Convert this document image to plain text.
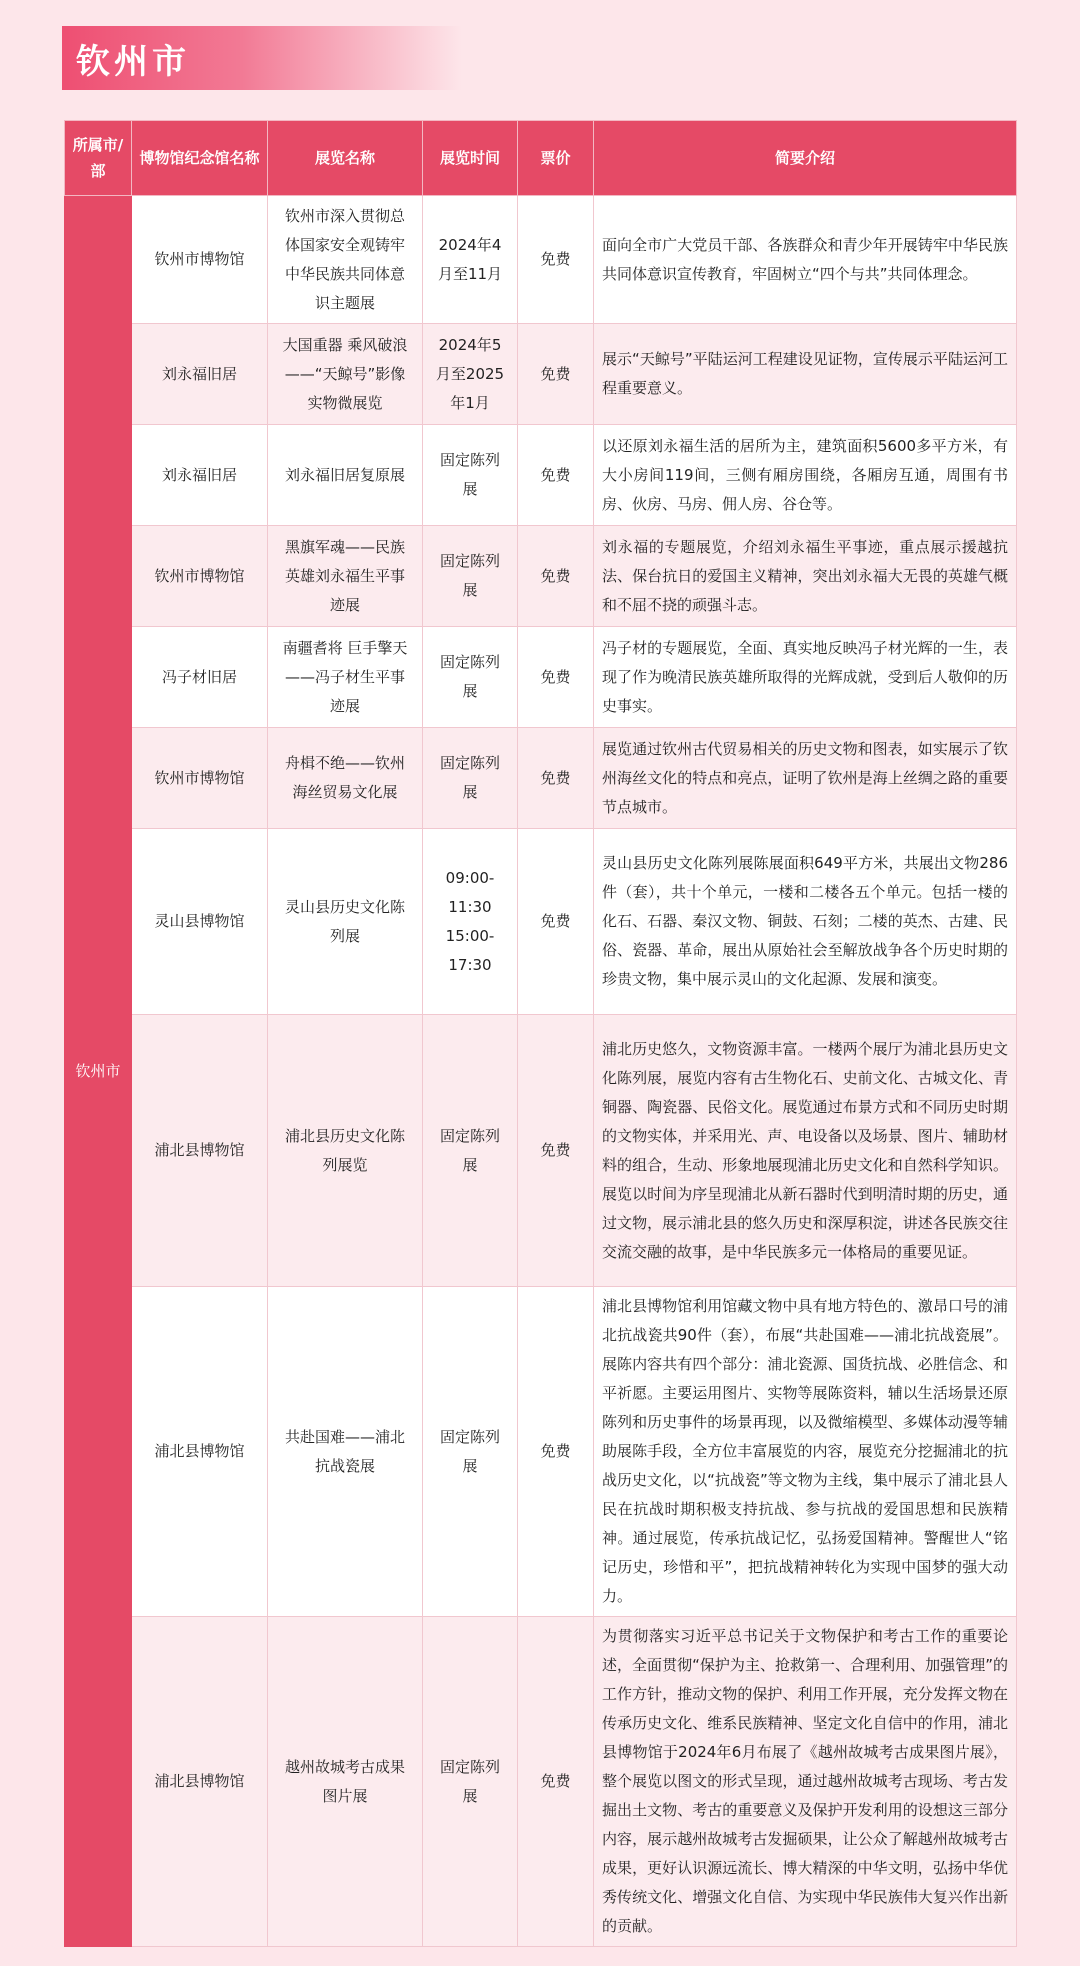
钦州市
所属市/部	博物馆纪念馆名称	展览名称	展览时间	票价	简要介绍
钦州市	钦州市博物馆	钦州市深入贯彻总体国家安全观铸牢中华民族共同体意识主题展	2024年4月至11月	免费	面向全市广大党员干部、各族群众和青少年开展铸牢中华民族共同体意识宣传教育，牢固树立“四个与共”共同体理念。
	刘永福旧居	大国重器 乘风破浪——“天鲸号”影像实物微展览	2024年5月至2025年1月	免费	展示“天鲸号”平陆运河工程建设见证物，宣传展示平陆运河工程重要意义。
	刘永福旧居	刘永福旧居复原展	固定陈列展	免费	以还原刘永福生活的居所为主，建筑面积5600多平方米，有大小房间119间，三侧有厢房围绕，各厢房互通，周围有书房、伙房、马房、佣人房、谷仓等。
	钦州市博物馆	黑旗军魂——民族英雄刘永福生平事迹展	固定陈列展	免费	刘永福的专题展览，介绍刘永福生平事迹，重点展示援越抗法、保台抗日的爱国主义精神，突出刘永福大无畏的英雄气概和不屈不挠的顽强斗志。
	冯子材旧居	南疆耆将 巨手擎天——冯子材生平事迹展	固定陈列展	免费	冯子材的专题展览，全面、真实地反映冯子材光辉的一生，表现了作为晚清民族英雄所取得的光辉成就，受到后人敬仰的历史事实。
	钦州市博物馆	舟楫不绝——钦州海丝贸易文化展	固定陈列展	免费	展览通过钦州古代贸易相关的历史文物和图表，如实展示了钦州海丝文化的特点和亮点，证明了钦州是海上丝绸之路的重要节点城市。
	灵山县博物馆	灵山县历史文化陈列展	09:00-11:30 15:00-17:30	免费	灵山县历史文化陈列展陈展面积649平方米，共展出文物286件（套），共十个单元，一楼和二楼各五个单元。包括一楼的化石、石器、秦汉文物、铜鼓、石刻；二楼的英杰、古建、民俗、瓷器、革命，展出从原始社会至解放战争各个历史时期的珍贵文物，集中展示灵山的文化起源、发展和演变。
	浦北县博物馆	浦北县历史文化陈列展览	固定陈列展	免费	浦北历史悠久，文物资源丰富。一楼两个展厅为浦北县历史文化陈列展，展览内容有古生物化石、史前文化、古城文化、青铜器、陶瓷器、民俗文化。展览通过布景方式和不同历史时期的文物实体，并采用光、声、电设备以及场景、图片、辅助材料的组合，生动、形象地展现浦北历史文化和自然科学知识。展览以时间为序呈现浦北从新石器时代到明清时期的历史，通过文物，展示浦北县的悠久历史和深厚积淀，讲述各民族交往交流交融的故事，是中华民族多元一体格局的重要见证。
	浦北县博物馆	共赴国难——浦北抗战瓷展	固定陈列展	免费	浦北县博物馆利用馆藏文物中具有地方特色的、激昂口号的浦北抗战瓷共90件（套），布展“共赴国难——浦北抗战瓷展”。展陈内容共有四个部分：浦北瓷源、国货抗战、必胜信念、和平祈愿。主要运用图片、实物等展陈资料，辅以生活场景还原陈列和历史事件的场景再现，以及微缩模型、多媒体动漫等辅助展陈手段，全方位丰富展览的内容，展览充分挖掘浦北的抗战历史文化，以“抗战瓷”等文物为主线，集中展示了浦北县人民在抗战时期积极支持抗战、参与抗战的爱国思想和民族精神。通过展览，传承抗战记忆，弘扬爱国精神。警醒世人“铭记历史，珍惜和平”，把抗战精神转化为实现中国梦的强大动力。
	浦北县博物馆	越州故城考古成果图片展	固定陈列展	免费	为贯彻落实习近平总书记关于文物保护和考古工作的重要论述，全面贯彻“保护为主、抢救第一、合理利用、加强管理”的工作方针，推动文物的保护、利用工作开展，充分发挥文物在传承历史文化、维系民族精神、坚定文化自信中的作用，浦北县博物馆于2024年6月布展了《越州故城考古成果图片展》，整个展览以图文的形式呈现，通过越州故城考古现场、考古发掘出土文物、考古的重要意义及保护开发利用的设想这三部分内容，展示越州故城考古发掘硕果，让公众了解越州故城考古成果，更好认识源远流长、博大精深的中华文明，弘扬中华优秀传统文化、增强文化自信、为实现中华民族伟大复兴作出新的贡献。
